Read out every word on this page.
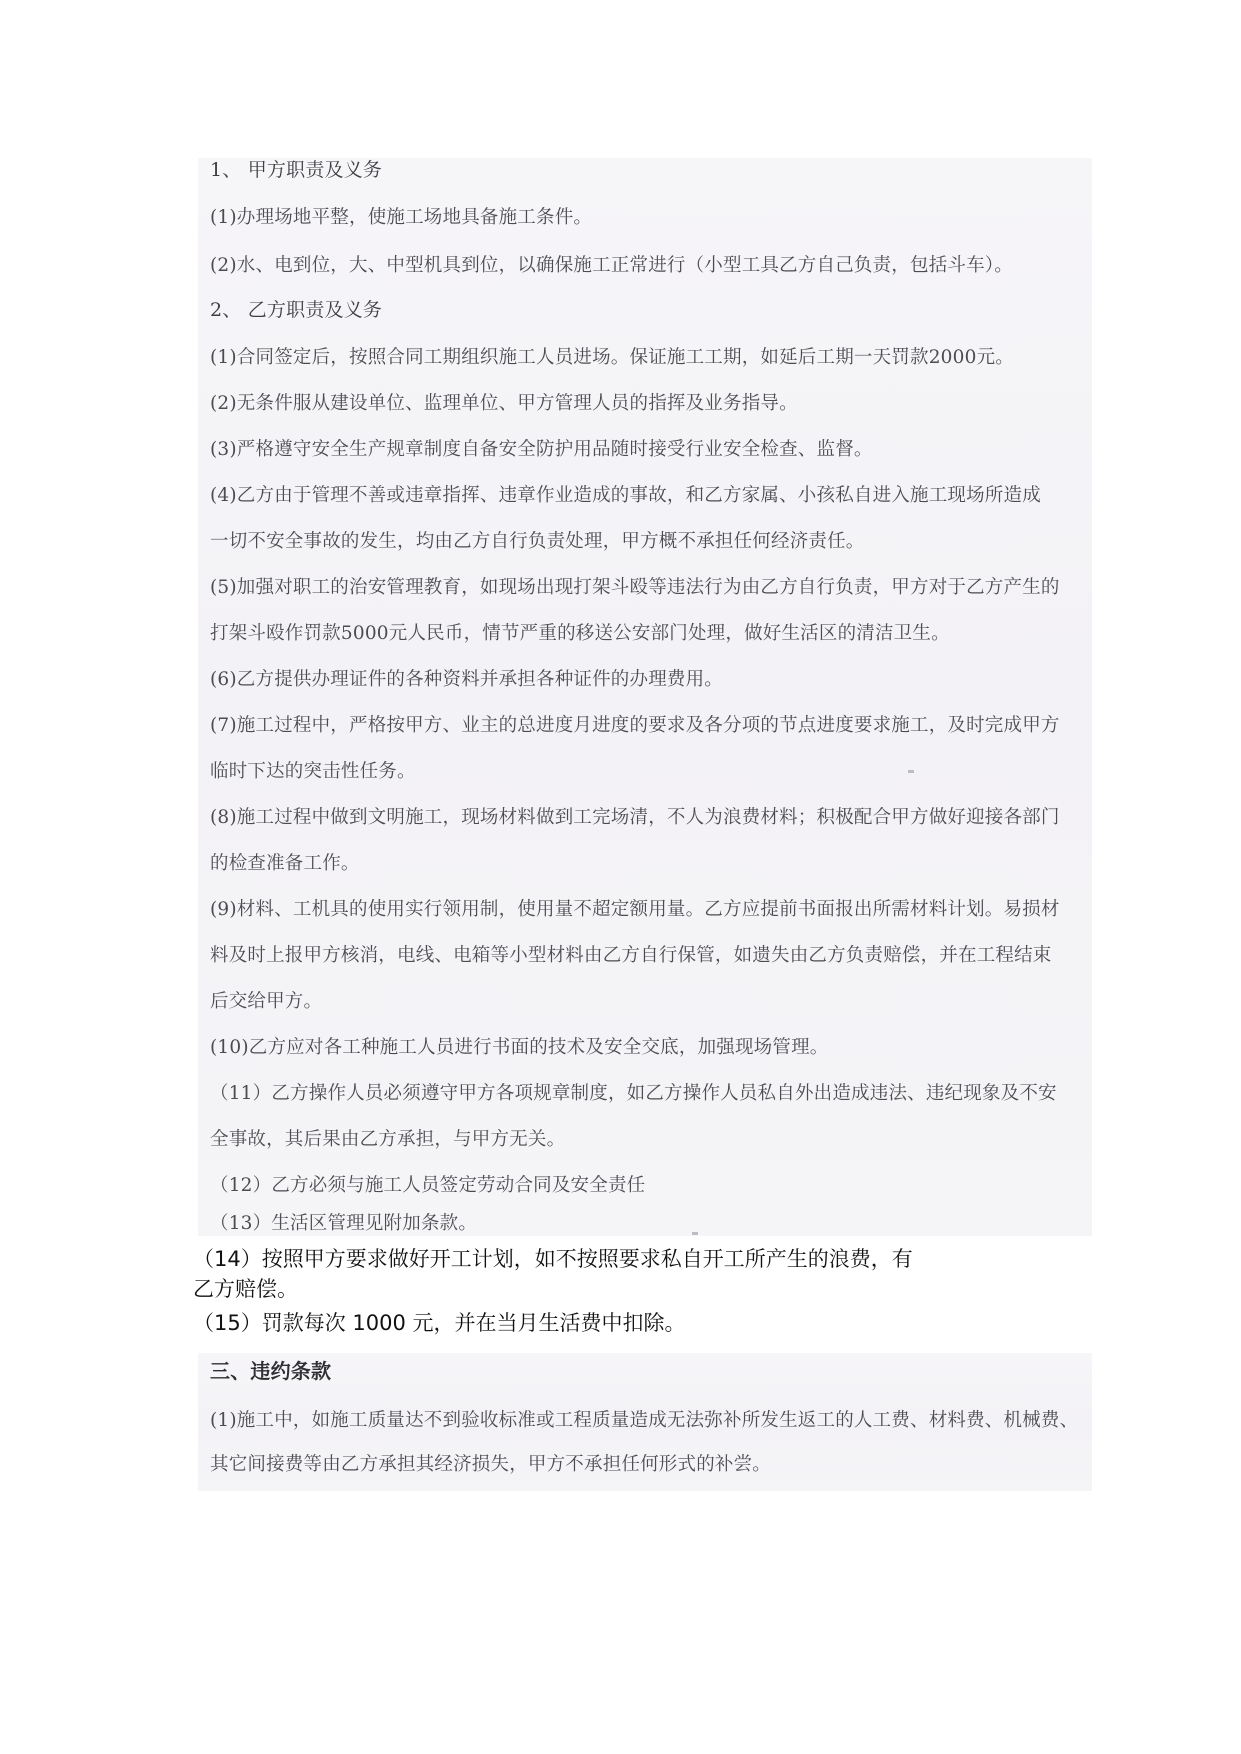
1、 甲方职责及义务
(1)办理场地平整，使施工场地具备施工条件。
(2)水、电到位，大、中型机具到位，以确保施工正常进行（小型工具乙方自己负责，包括斗车）。
2、 乙方职责及义务
(1)合同签定后，按照合同工期组织施工人员进场。保证施工工期，如延后工期一天罚款2000元。
(2)无条件服从建设单位、监理单位、甲方管理人员的指挥及业务指导。
(3)严格遵守安全生产规章制度自备安全防护用品随时接受行业安全检查、监督。
(4)乙方由于管理不善或违章指挥、违章作业造成的事故，和乙方家属、小孩私自进入施工现场所造成
一切不安全事故的发生，均由乙方自行负责处理，甲方概不承担任何经济责任。
(5)加强对职工的治安管理教育，如现场出现打架斗殴等违法行为由乙方自行负责，甲方对于乙方产生的
打架斗殴作罚款5000元人民币，情节严重的移送公安部门处理，做好生活区的清洁卫生。
(6)乙方提供办理证件的各种资料并承担各种证件的办理费用。
(7)施工过程中，严格按甲方、业主的总进度月进度的要求及各分项的节点进度要求施工，及时完成甲方
临时下达的突击性任务。
(8)施工过程中做到文明施工，现场材料做到工完场清，不人为浪费材料；积极配合甲方做好迎接各部门
的检查准备工作。
(9)材料、工机具的使用实行领用制，使用量不超定额用量。乙方应提前书面报出所需材料计划。易损材
料及时上报甲方核消，电线、电箱等小型材料由乙方自行保管，如遗失由乙方负责赔偿，并在工程结束
后交给甲方。
(10)乙方应对各工种施工人员进行书面的技术及安全交底，加强现场管理。
（11）乙方操作人员必须遵守甲方各项规章制度，如乙方操作人员私自外出造成违法、违纪现象及不安
全事故，其后果由乙方承担，与甲方无关。
（12）乙方必须与施工人员签定劳动合同及安全责任
（13）生活区管理见附加条款。
（14）按照甲方要求做好开工计划，如不按照要求私自开工所产生的浪费，有
乙方赔偿。
（15）罚款每次 1000 元，并在当月生活费中扣除。
三、违约条款
(1)施工中，如施工质量达不到验收标准或工程质量造成无法弥补所发生返工的人工费、材料费、机械费、
其它间接费等由乙方承担其经济损失，甲方不承担任何形式的补尝。
